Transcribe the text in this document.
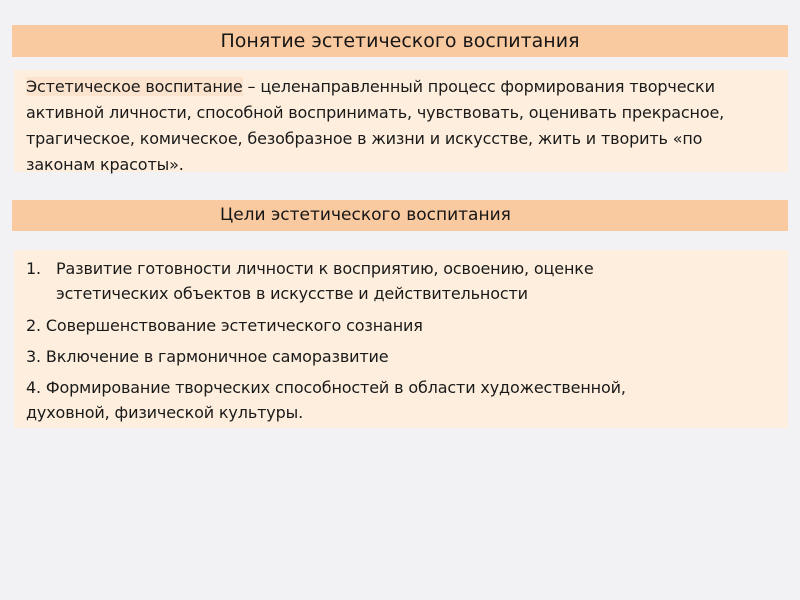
Понятие эстетического воспитания
Эстетическое воспитание – целенаправленный процесс формирования творчески активной личности, способной воспринимать, чувствовать, оценивать прекрасное, трагическое, комическое, безобразное в жизни и искусстве, жить и творить «по законам красоты».
Цели эстетического воспитания
1. Развитие готовности личности к восприятию, освоению, оценке эстетических объектов в искусстве и действительности
2. Совершенствование эстетического сознания
3. Включение в гармоничное саморазвитие
4. Формирование творческих способностей в области художественной, духовной, физической культуры.
